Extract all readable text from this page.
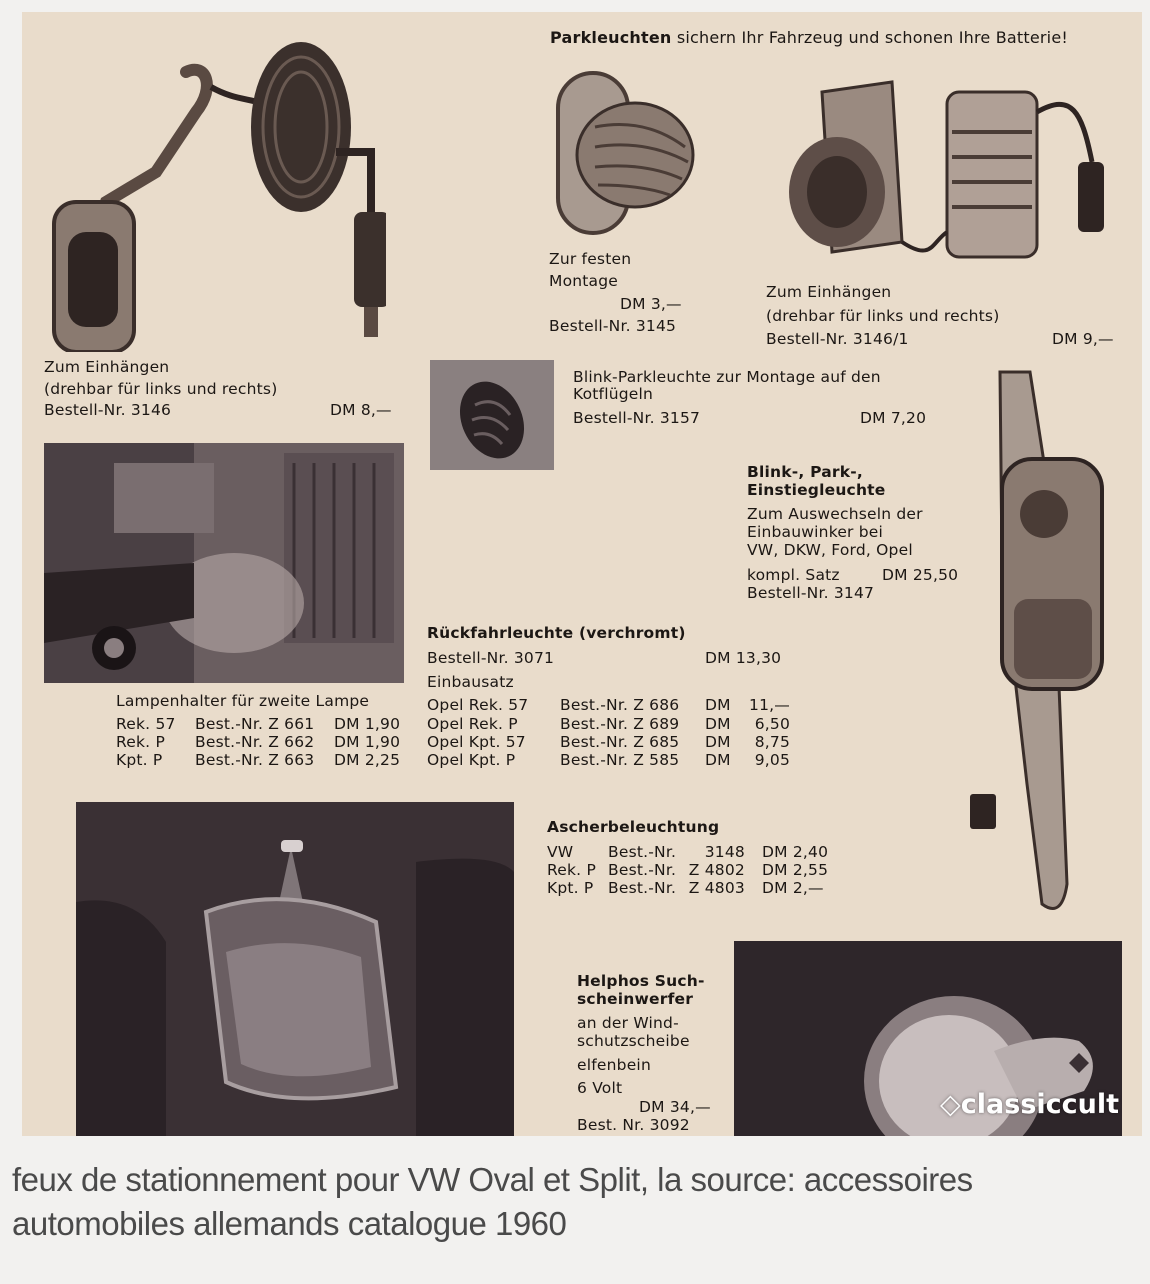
Parkleuchten sichern Ihr Fahrzeug und schonen Ihre Batterie!
Zur festen
Montage
DM 3,—
Bestell-Nr. 3145
Zum Einhängen
(drehbar für links und rechts)
Bestell-Nr. 3146/1	DM 9,—
Zum Einhängen
(drehbar für links und rechts)
Bestell-Nr. 3146	DM 8,—
Blink-Parkleuchte zur Montage auf den
Kotflügeln
Bestell-Nr. 3157	DM 7,20
Blink-, Park-,
Einstiegleuchte
Zum Auswechseln der
Einbauwinker bei
VW, DKW, Ford, Opel
kompl. Satz	DM 25,50
Bestell-Nr. 3147
Rückfahrleuchte (verchromt)
Bestell-Nr. 3071	DM 13,30
Einbausatz
Opel Rek. 57 Best.-Nr. Z 686 DM	11,—
Opel Rek. P	Best.-Nr. Z 689 DM	6,50
Opel Kpt. 57 Best.-Nr. Z 685 DM	8,75
Opel Kpt. P	Best.-Nr. Z 585 DM	9,05
Lampenhalter für zweite Lampe
Rek. 57 Best.-Nr. Z 661 DM 1,90
Rek. P Best.-Nr. Z 662 DM 1,90
Kpt. P Best.-Nr. Z 663 DM 2,25
Ascherbeleuchtung
VW Best.-Nr.	3148 DM 2,40
Rek. P Best.-Nr. Z 4802 DM 2,55
Kpt. P Best.-Nr. Z 4803 DM 2,—
Helphos Such-
scheinwerfer
an der Wind-
schutzscheibe
elfenbein
6 Volt
DM 34,—
Best. Nr. 3092
◇classiccult
feux de stationnement pour VW Oval et Split, la source: accessoires
automobiles allemands catalogue 1960
